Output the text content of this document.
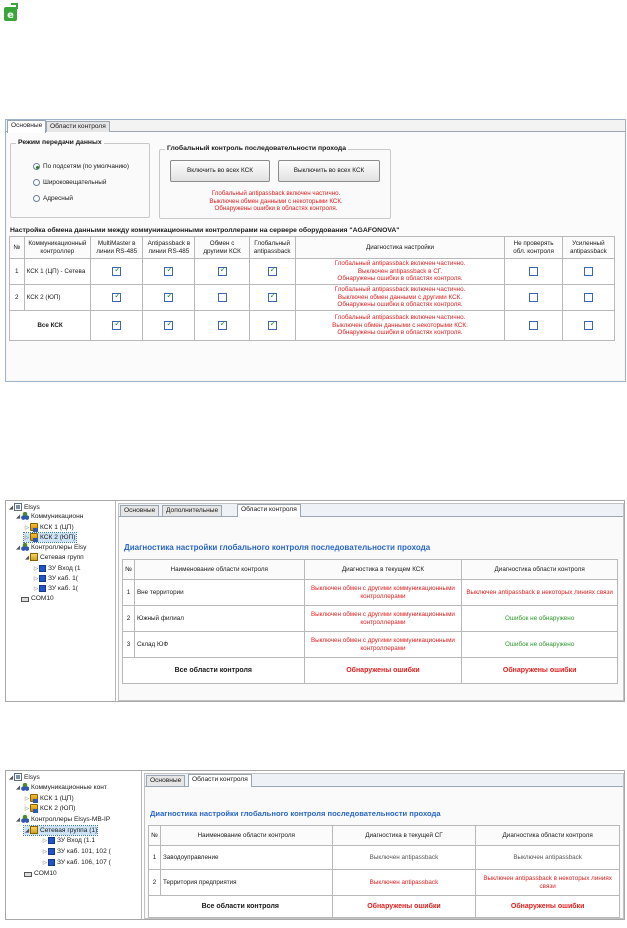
e
Основные	Области контроля
Режим передачи данных
По подсетям (по умолчанию)
Широковещательный
Адресный
Глобальный контроль последовательности прохода
Включить во всех КСК	Выключить во всех КСК
Глобальный antipassback включен частично.
Выключен обмен данными с некоторыми КСК.
Обнаружены ошибки в областях контроля.
Настройка обмена данными между коммуникационными контроллерами на сервере оборудования "AGAFONOVA"
№	Коммуникационный контроллер	MultiMaster в линии RS-485	Antipassback в линии RS-485	Обмен с другими КСК	Глобальный antipassback	Диагностика настройки	Не проверять обл. контроля	Усиленный antipassback
1	КСК 1 (ЦП) - Сетева	✓	✓	✓	✓	Глобальный antipassback включен частично.
Выключен antipassback в СГ.
Обнаружены ошибки в областях контроля.		

2	КСК 2 (ЮП)	✓	✓		✓	Глобальный antipassback включен частично.
Выключен обмен данными с другими КСК.
Обнаружены ошибки в областях контроля.		

Все КСК	✓	✓	✓	✓		Глобальный antipassback включен частично.
Выключен обмен данными с некоторыми КСК.
Обнаружены ошибки в областях контроля.		

◢ Elsys
◢ Коммуникационн
▷ КСК 1 (ЦП)
▷ КСК 2 (ЮП)
◢ Контроллеры Elsy
◢ Сетевая групп
▷ ЗУ Вход (1
▷ ЗУ каб. 1(
▷ ЗУ каб. 1(
COM10
Основные	Дополнительные	Области контроля
Диагностика настройки глобального контроля последовательности прохода
№	Наименование области контроля	Диагностика в текущем КСК	Диагностика области контроля
1	Вне территории	Выключен обмен с другими коммуникационными контроллерами	Выключен antipassback в некоторых линиях связи
2	Южный филиал	Выключен обмен с другими коммуникационными контроллерами	Ошибок не обнаружено
3	Склад ЮФ	Выключен обмен с другими коммуникационными контроллерами	Ошибок не обнаружено
Все области контроля		Обнаружены ошибки	Обнаружены ошибки
◢ Elsys
◢ Коммуникационные конт
▷ КСК 1 (ЦП)
▷ КСК 2 (ЮП)
◢ Контроллеры Elsys-MB-IP
◢ Сетевая группа (1)
▷ ЗУ Вход (1.1
▷ ЗУ каб. 101, 102 (
▷ ЗУ каб. 106, 107 (
COM10
Основные	Области контроля
Диагностика настройки глобального контроля последовательности прохода
№	Наименование области контроля	Диагностика в текущей СГ	Диагностика области контроля
1	Заводоуправление	Выключен antipassback	Выключен antipassback
2	Территория предприятия	Выключен antipassback	Выключен antipassback в некоторых линиях связи
Все области контроля		Обнаружены ошибки	Обнаружены ошибки
